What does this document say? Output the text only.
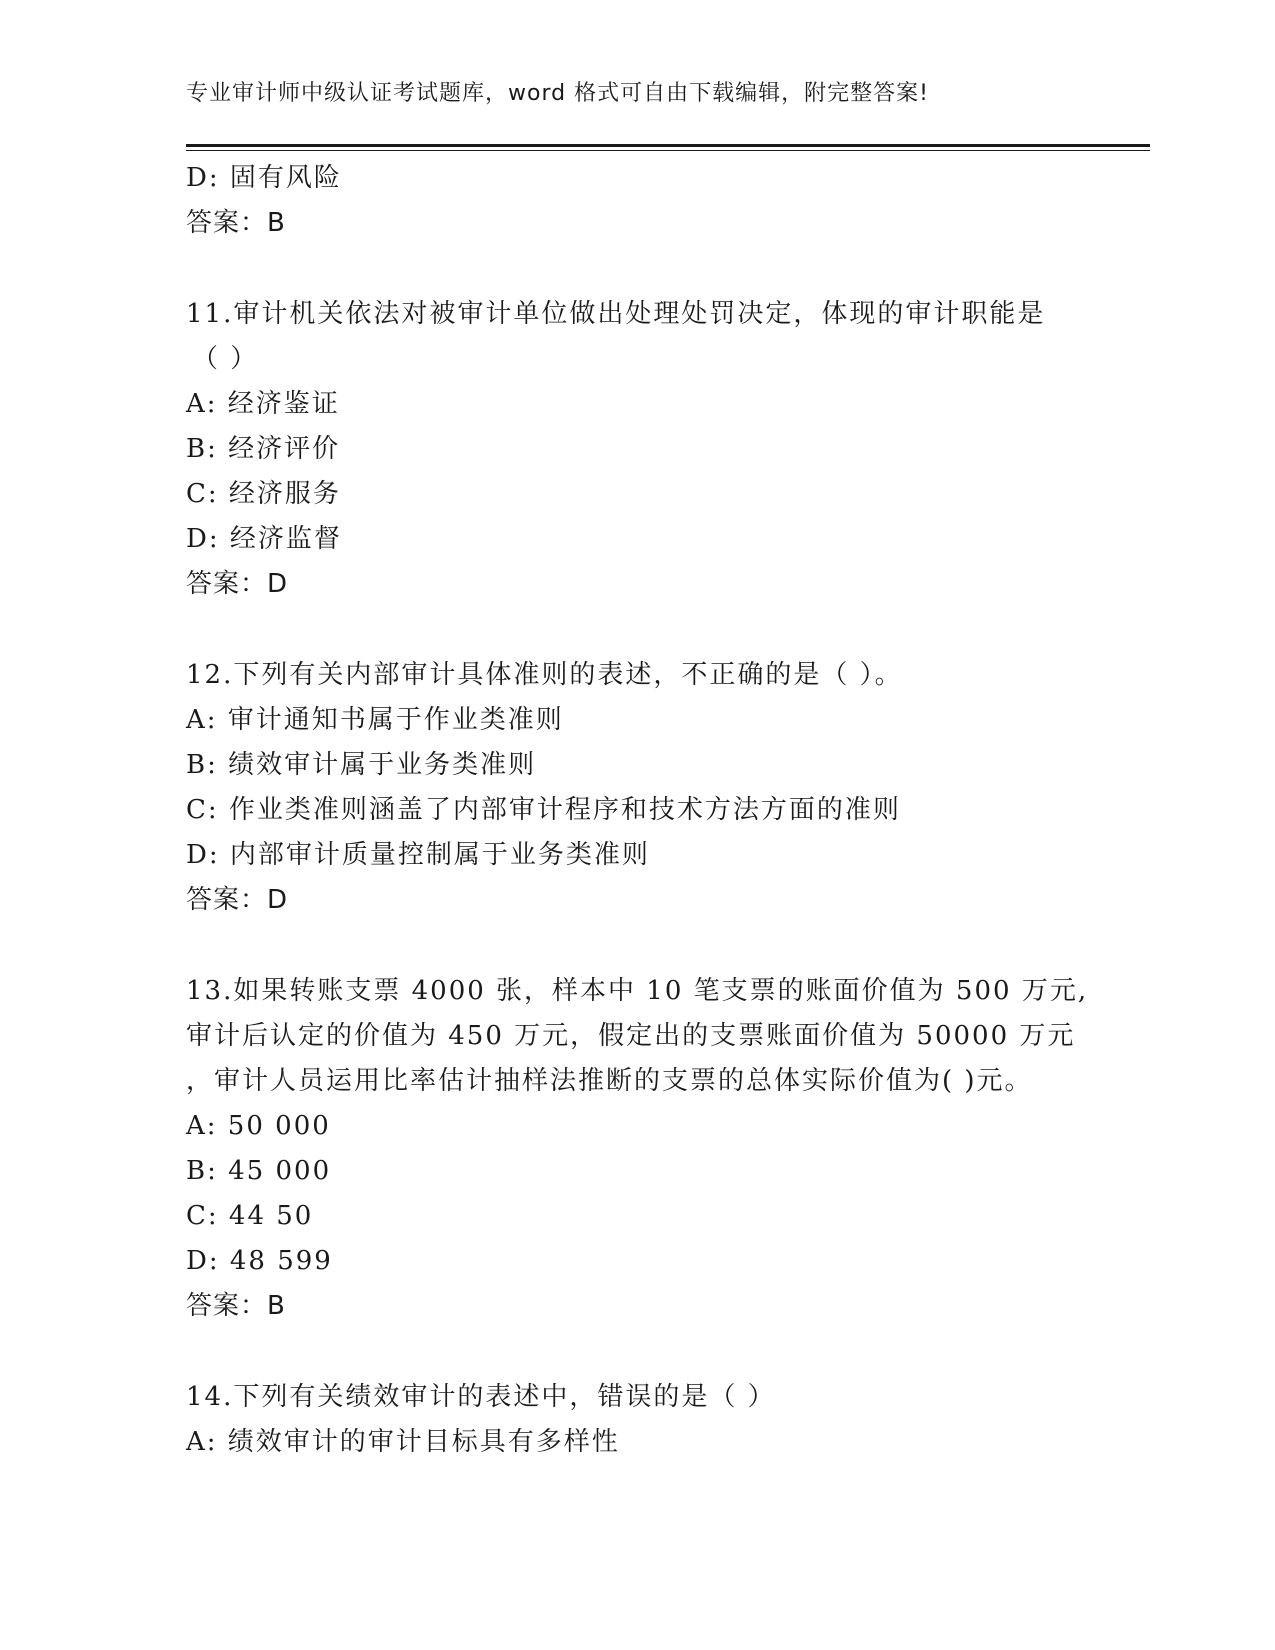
专业审计师中级认证考试题库，word 格式可自由下载编辑，附完整答案!
D: 固有风险
答案：B
11.审计机关依法对被审计单位做出处理处罚决定，体现的审计职能是
（ ）
A: 经济鉴证
B: 经济评价
C: 经济服务
D: 经济监督
答案：D
12.下列有关内部审计具体准则的表述，不正确的是（ ）。
A: 审计通知书属于作业类准则
B: 绩效审计属于业务类准则
C: 作业类准则涵盖了内部审计程序和技术方法方面的准则
D: 内部审计质量控制属于业务类准则
答案：D
13.如果转账支票 4000 张，样本中 10 笔支票的账面价值为 500 万元,
审计后认定的价值为 450 万元，假定出的支票账面价值为 50000 万元
，审计人员运用比率估计抽样法推断的支票的总体实际价值为( )元。
A: 50 000
B: 45 000
C: 44 50
D: 48 599
答案：B
14.下列有关绩效审计的表述中，错误的是（ ）
A: 绩效审计的审计目标具有多样性
